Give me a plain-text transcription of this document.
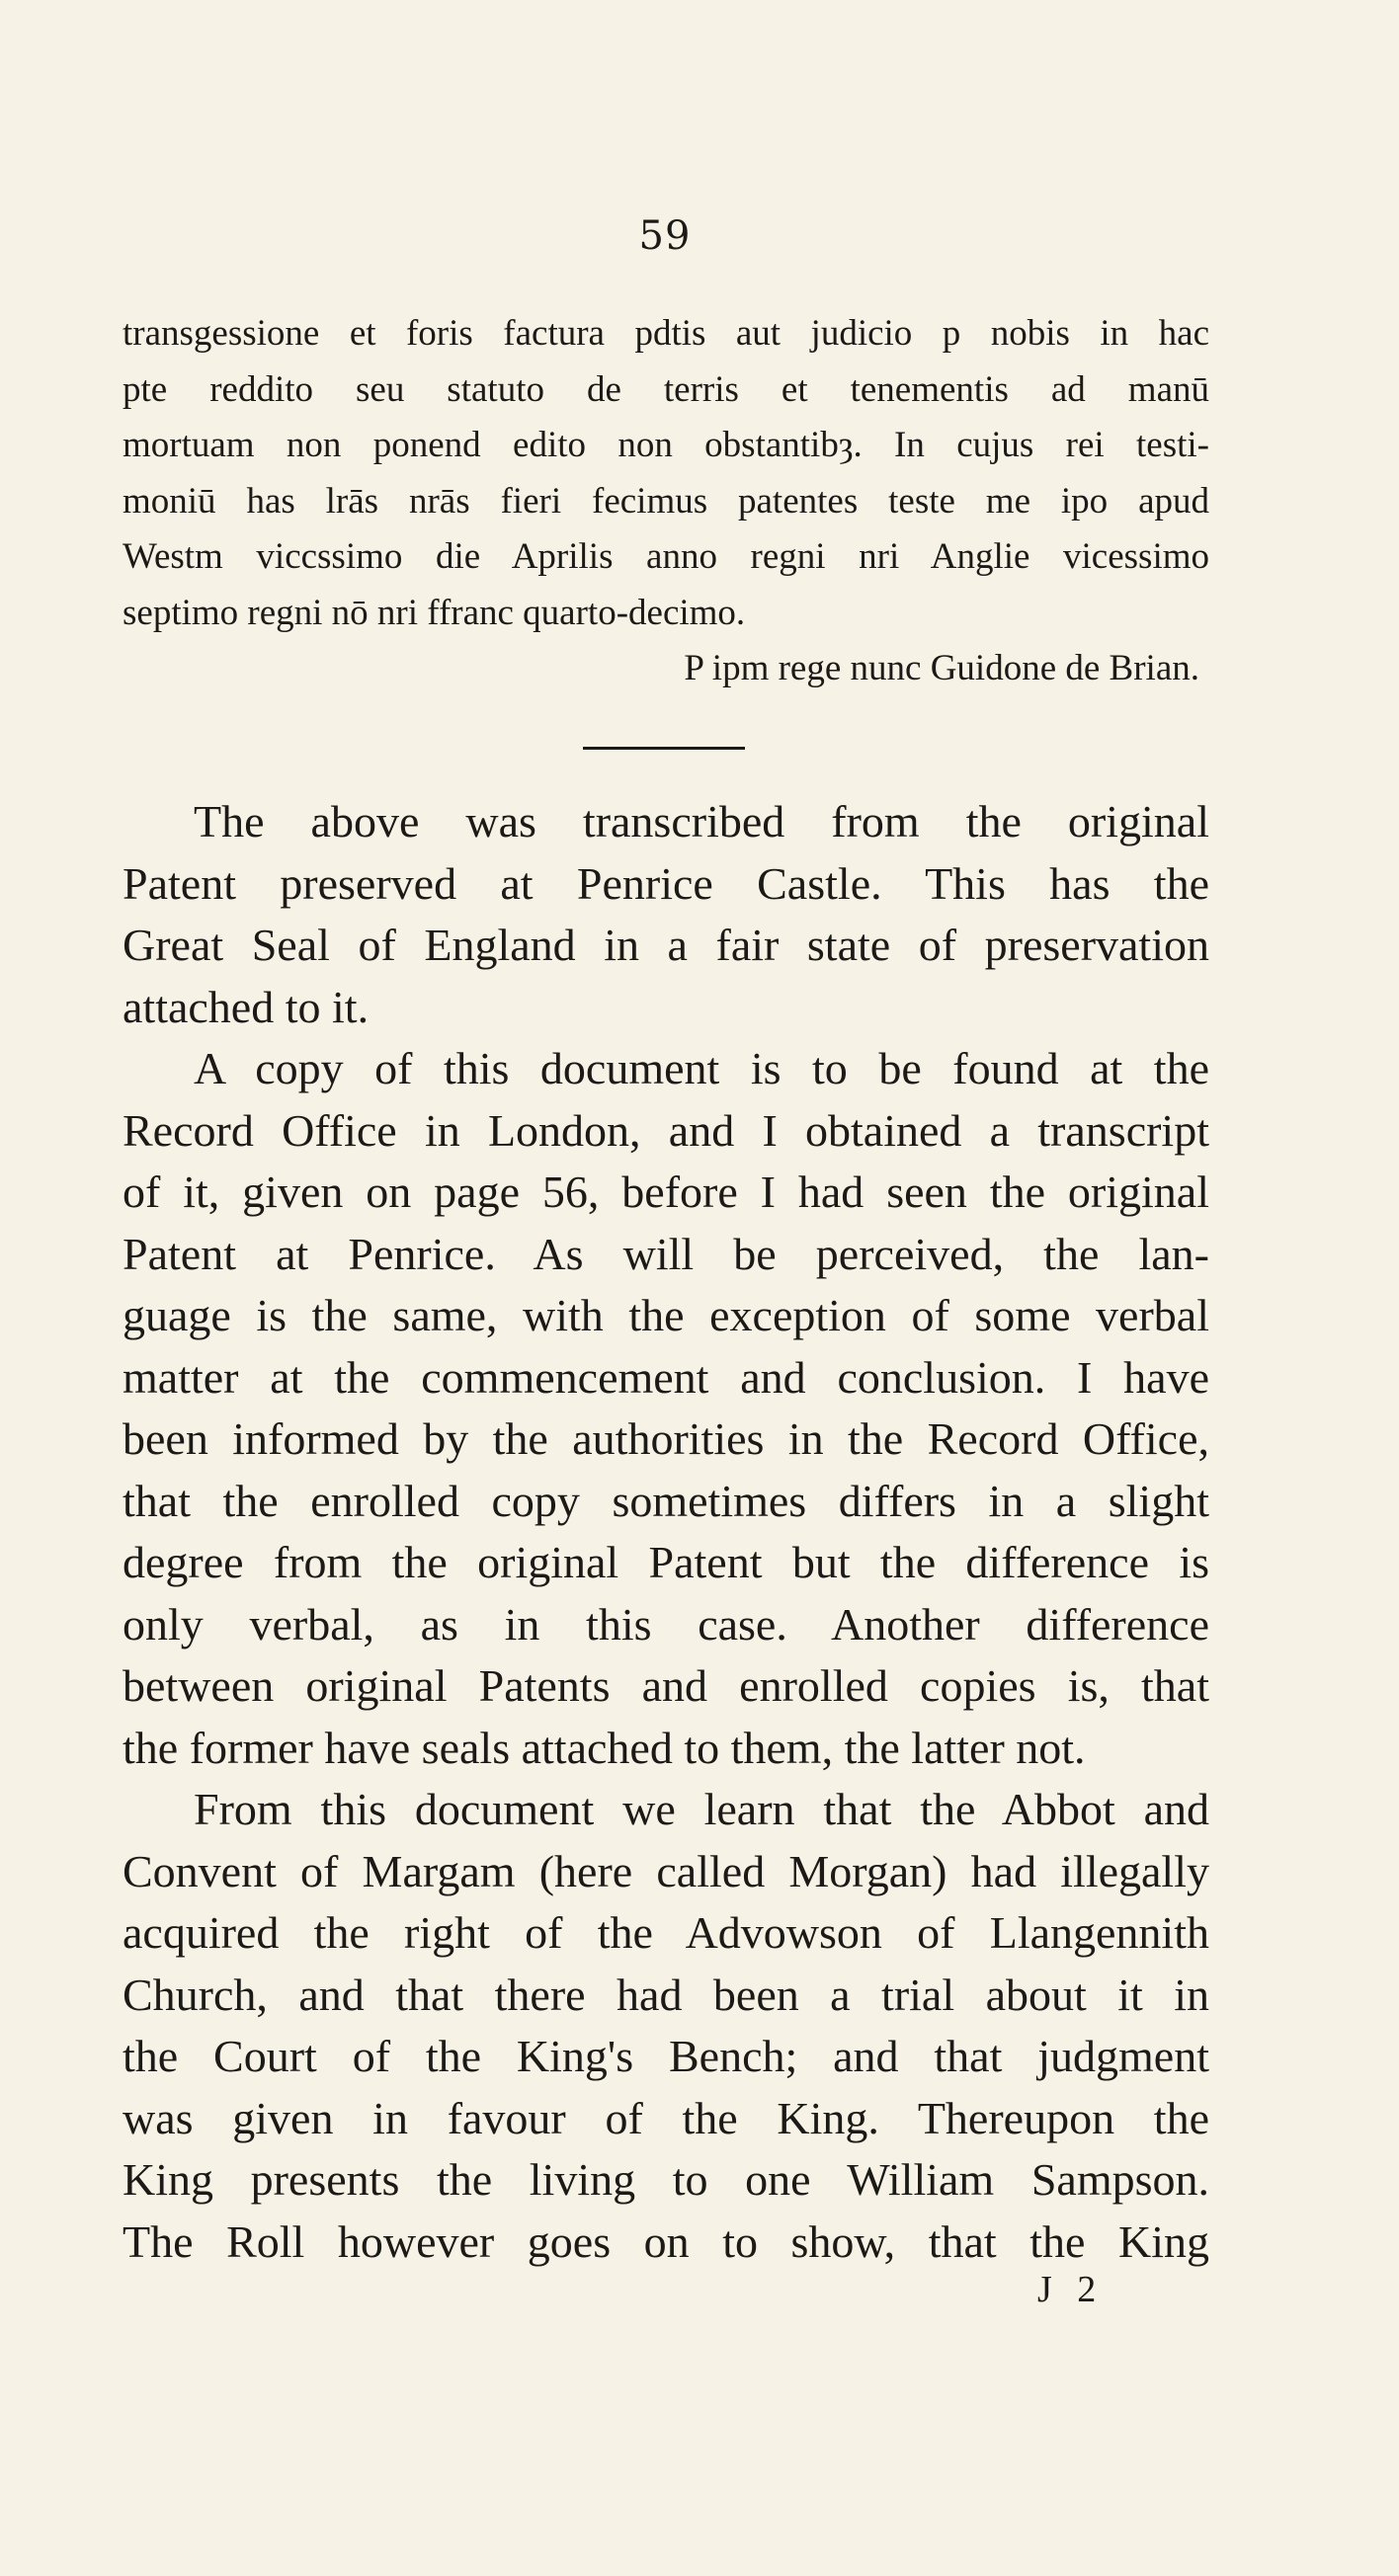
59
transgessione et foris factura pdtis aut judicio p nobis in hac
pte reddito seu statuto de terris et tenementis ad manū
mortuam non ponend edito non obstantibȝ. In cujus rei testi-
moniū has lrās nrās fieri fecimus patentes teste me ipo apud
Westm viccssimo die Aprilis anno regni nri Anglie vicessimo
septimo regni nō nri ffranc quarto-decimo.
P ipm rege nunc Guidone de Brian.
The above was transcribed from the original
Patent preserved at Penrice Castle. This has the
Great Seal of England in a fair state of preservation
attached to it.
A copy of this document is to be found at the
Record Office in London, and I obtained a transcript
of it, given on page 56, before I had seen the original
Patent at Penrice. As will be perceived, the lan-
guage is the same, with the exception of some verbal
matter at the commencement and conclusion. I have
been informed by the authorities in the Record Office,
that the enrolled copy sometimes differs in a slight
degree from the original Patent but the difference is
only verbal, as in this case. Another difference
between original Patents and enrolled copies is, that
the former have seals attached to them, the latter not.
From this document we learn that the Abbot and
Convent of Margam (here called Morgan) had illegally
acquired the right of the Advowson of Llangennith
Church, and that there had been a trial about it in
the Court of the King's Bench; and that judgment
was given in favour of the King. Thereupon the
King presents the living to one William Sampson.
The Roll however goes on to show, that the King
J 2
